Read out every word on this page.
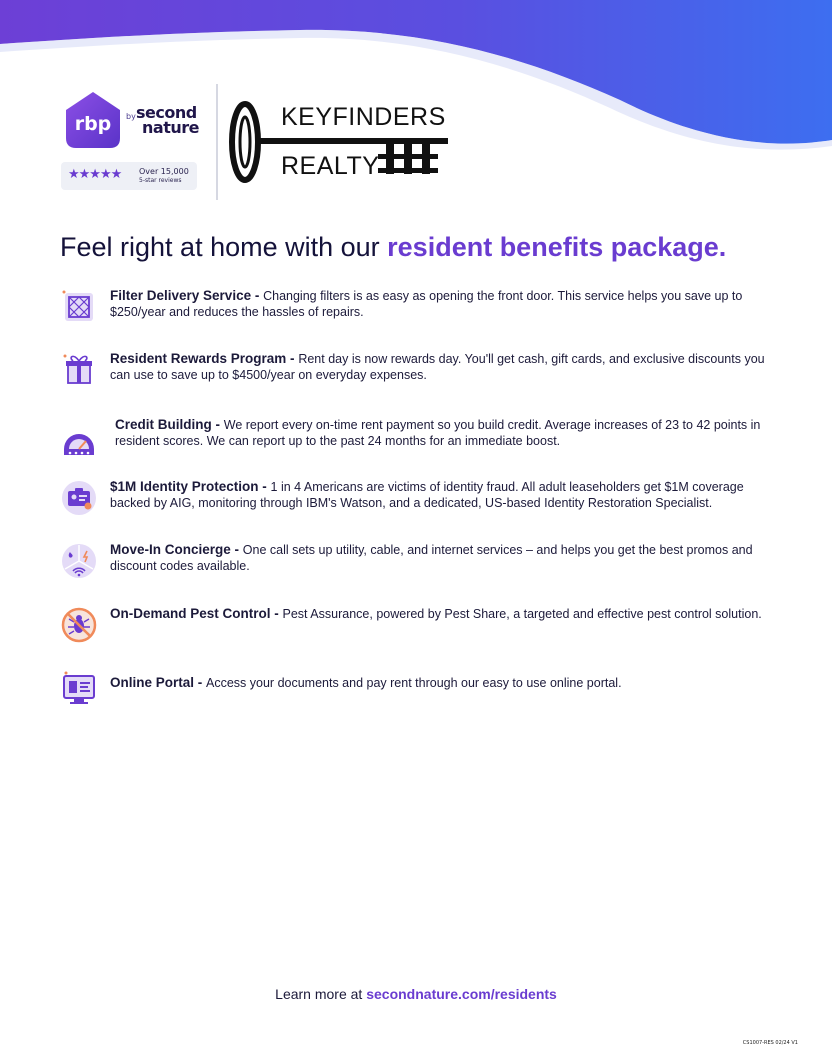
rbp by second
nature
★★★★★ Over 15,000
5-star reviews
KEYFINDERS
REALTY
Feel right at home with our resident benefits package.
Filter Delivery Service - Changing filters is as easy as opening the front door. This service helps you save up to $250/year and reduces the hassles of repairs.
Resident Rewards Program - Rent day is now rewards day. You'll get cash, gift cards, and exclusive discounts you can use to save up to $4500/year on everyday expenses.
Credit Building - We report every on-time rent payment so you build credit. Average increases of 23 to 42 points in resident scores. We can report up to the past 24 months for an immediate boost.
$1M Identity Protection - 1 in 4 Americans are victims of identity fraud. All adult leaseholders get $1M coverage backed by AIG, monitoring through IBM's Watson, and a dedicated, US-based Identity Restoration Specialist.
Move-In Concierge - One call sets up utility, cable, and internet services – and helps you get the best promos and discount codes available.
On-Demand Pest Control - Pest Assurance, powered by Pest Share, a targeted and effective pest control solution.
Online Portal - Access your documents and pay rent through our easy to use online portal.
Learn more at secondnature.com/residents
CS1007-RES 02/24 V1
